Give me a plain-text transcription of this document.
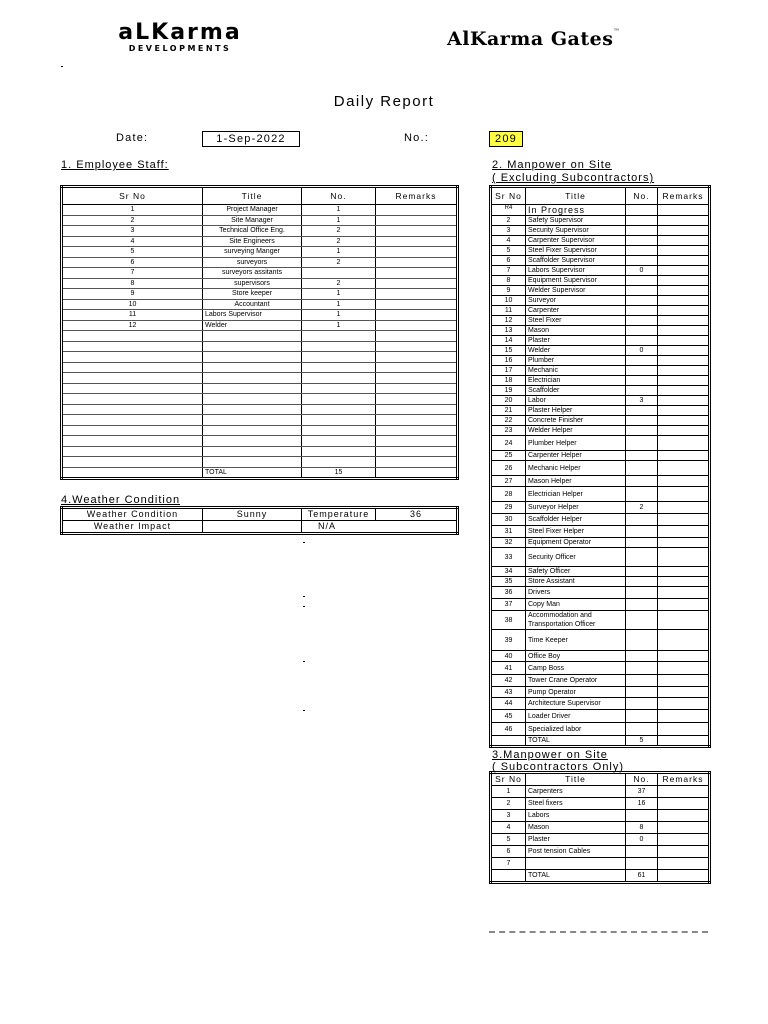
aLKarma
DEVELOPMENTS	AlKarma Gates™
Daily Report
Date:	1-Sep-2022	No.:	209
1. Employee Staff:	2. Manpower on Site
( Excluding Subcontractors)
Sr No	Title	No.	Remarks
1	Project Manager	1	
2	Site Manager	1	
3	Technical Office Eng.	2	
4	Site Engineers	2	
5	surveying Manger	1	
6	surveyors	2	
7	surveyors assitants		
8	supervisors	2	
9	Store keeper	1	
10	Accountant	1	
11	Labors Supervisor	1	
12	Welder	1	

	TOTAL	15	
4.Weather Condition
Weather Condition	Sunny	Temperature	36
Weather Impact		N/A	
Sr No	Title	No.	Remarks
R4	In Progress		
2	Safety Supervisor		
3	Security Supervisor		
4	Carpenter Supervisor		
5	Steel Fixer Supervisor		
6	Scaffolder Supervisor		
7	Labors Supervisor	0	
8	Equipment Supervisor		
9	Welder Supervisor		
10	Surveyor		
11	Carpenter		
12	Steel Fixer		
13	Mason		
14	Plaster		
15	Welder	0	
16	Plumber		
17	Mechanic		
18	Electrician		
19	Scaffolder		
20	Labor	3	
21	Plaster Helper		
22	Concrete Finisher		
23	Welder Helper		
24	Plumber Helper		
25	Carpenter Helper		
26	Mechanic Helper		
27	Mason Helper		
28	Electrician Helper		
29	Surveyor Helper	2	
30	Scaffolder Helper		
31	Steel Fixer Helper		
32	Equipment Operator		
33	Security Officer		
34	Safety Officer		
35	Store Assistant		
36	Drivers		
37	Copy Man		
38	Accommodation and Transportation Officer		
39	Time Keeper		
40	Office Boy		
41	Camp Boss		
42	Tower Crane Operator		
43	Pump Operator		
44	Architecture Supervisor		
45	Loader Driver		
46	Specialized labor		
	TOTAL	5	
3.Manpower on Site
( Subcontractors Only)
Sr No	Title	No.	Remarks
1	Carpenters	37	
2	Steel fixers	16	
3	Labors		
4	Mason	8	
5	Plaster	0	
6	Post tension Cables		
7			
	TOTAL	61	
